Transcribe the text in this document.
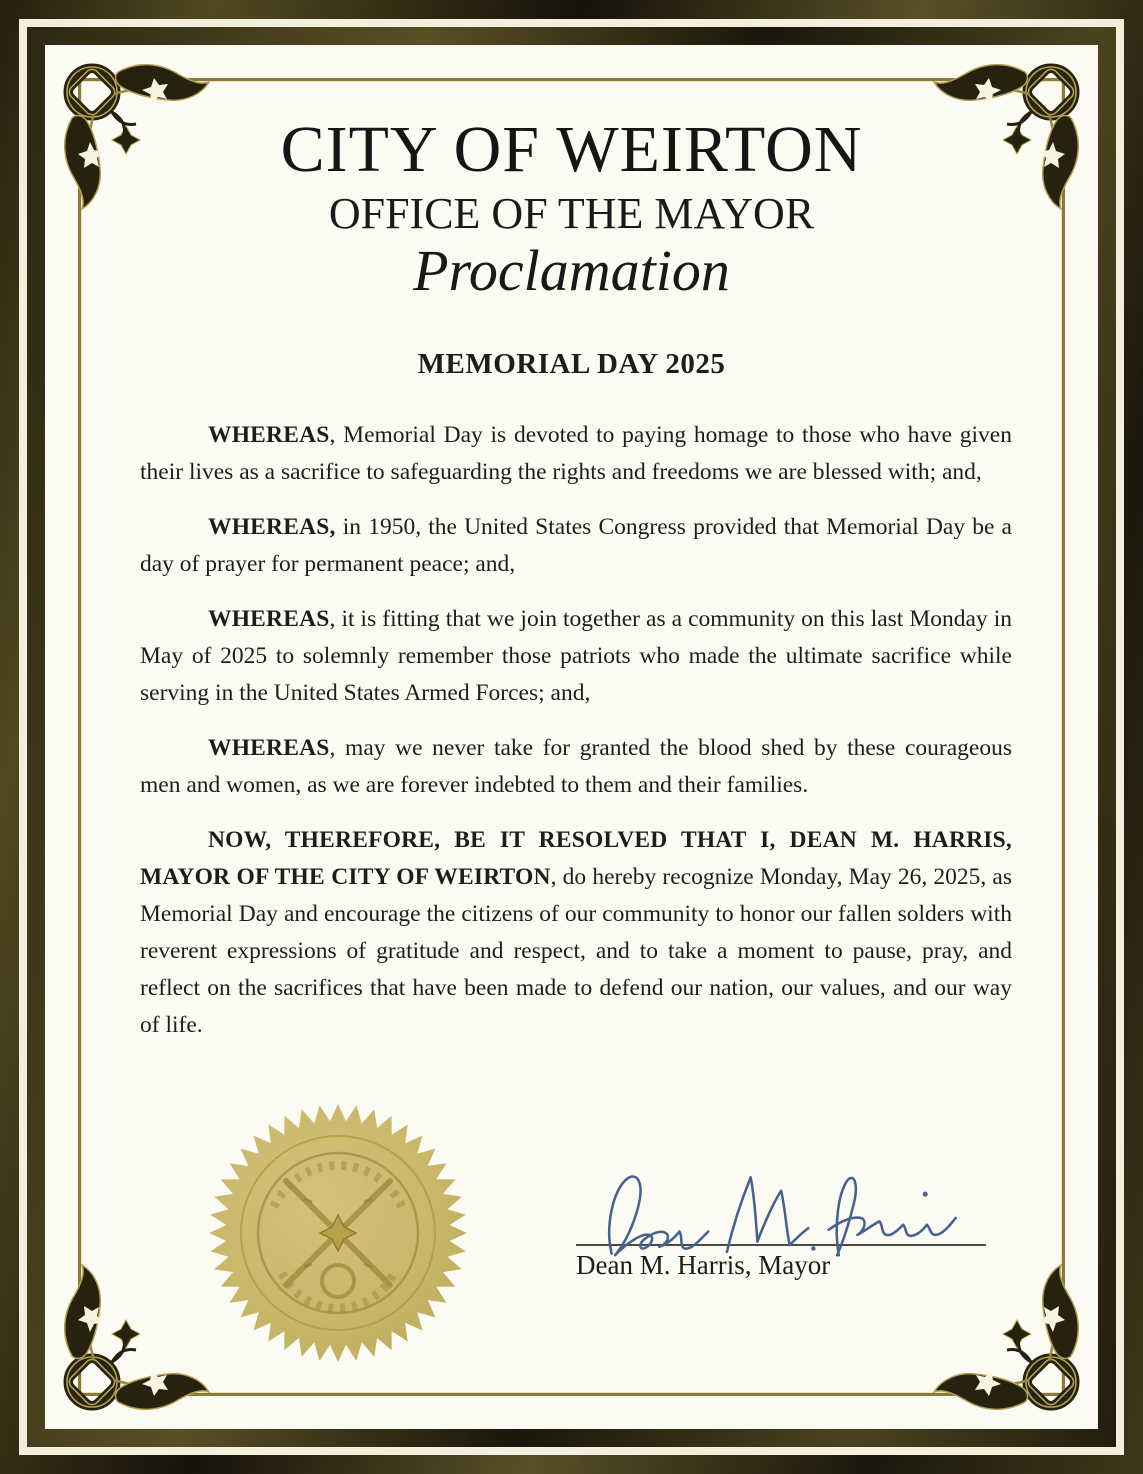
CITY OF WEIRTON
OFFICE OF THE MAYOR
Proclamation
MEMORIAL DAY 2025

WHEREAS, Memorial Day is devoted to paying homage to those who have given their lives as a sacrifice to safeguarding the rights and freedoms we are blessed with; and,

WHEREAS, in 1950, the United States Congress provided that Memorial Day be a day of prayer for permanent peace; and,

WHEREAS, it is fitting that we join together as a community on this last Monday in May of 2025 to solemnly remember those patriots who made the ultimate sacrifice while serving in the United States Armed Forces; and,

WHEREAS, may we never take for granted the blood shed by these courageous men and women, as we are forever indebted to them and their families.

NOW, THEREFORE, BE IT RESOLVED THAT I, DEAN M. HARRIS, MAYOR OF THE CITY OF WEIRTON, do hereby recognize Monday, May 26, 2025, as Memorial Day and encourage the citizens of our community to honor our fallen solders with reverent expressions of gratitude and respect, and to take a moment to pause, pray, and reflect on the sacrifices that have been made to defend our nation, our values, and our way of life.

Dean M. Harris, Mayor
